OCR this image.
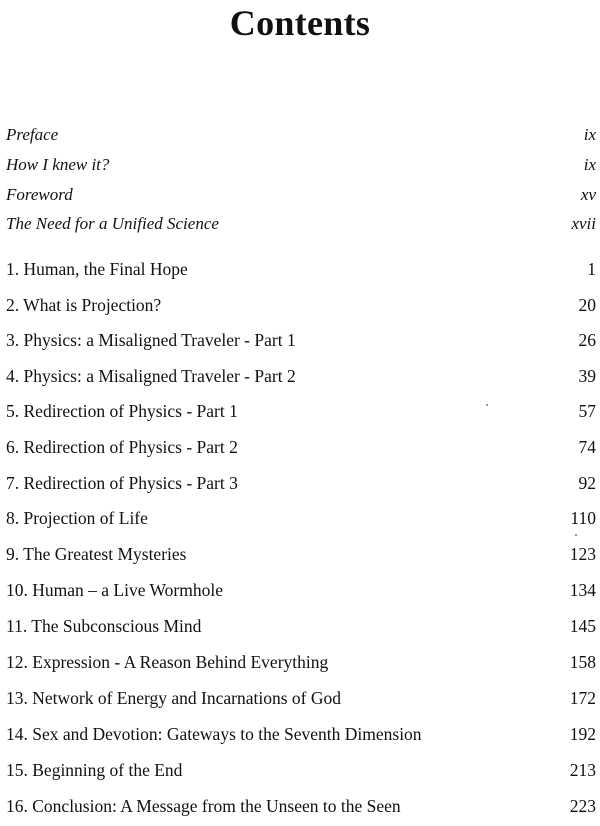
Contents
Preface	ix
How I knew it?	ix
Foreword	xv
The Need for a Unified Science	xvii
1. Human, the Final Hope	1
2. What is Projection?	20
3. Physics: a Misaligned Traveler - Part 1	26
4. Physics: a Misaligned Traveler - Part 2	39
5. Redirection of Physics - Part 1	57
6. Redirection of Physics - Part 2	74
7. Redirection of Physics - Part 3	92
8. Projection of Life	110
9. The Greatest Mysteries	123
10. Human – a Live Wormhole	134
11. The Subconscious Mind	145
12. Expression - A Reason Behind Everything	158
13. Network of Energy and Incarnations of God	172
14. Sex and Devotion: Gateways to the Seventh Dimension	192
15. Beginning of the End	213
16. Conclusion: A Message from the Unseen to the Seen	223
